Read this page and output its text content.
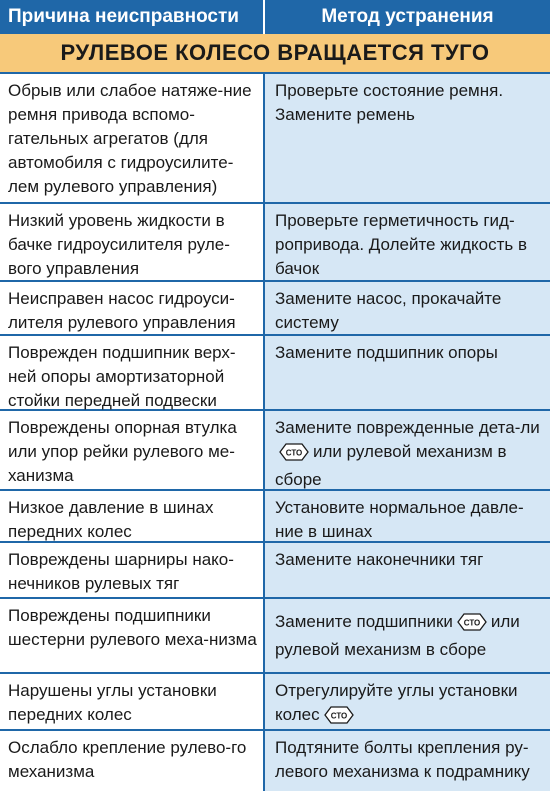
Причина неисправности	Метод устранения
РУЛЕВОЕ КОЛЕСО ВРАЩАЕТСЯ ТУГО
Обрыв или слабое натяже-ние ремня привода вспомо-гательных агрегатов (для автомобиля с гидроусилите-лем рулевого управления)
Проверьте состояние ремня. Замените ремень
Низкий уровень жидкости в бачке гидроусилителя руле-вого управления
Проверьте герметичность гид-ропривода. Долейте жидкость в бачок
Неисправен насос гидроуси-лителя рулевого управления
Замените насос, прокачайте систему
Поврежден подшипник верх-ней опоры амортизаторной стойки передней подвески
Замените подшипник опоры
Повреждены опорная втулка или упор рейки рулевого ме-ханизма
Замените поврежденные дета-ли
СТО или рулевой механизм в сборе
Низкое давление в шинах передних колес
Установите нормальное давле-ние в шинах
Повреждены шарниры нако-нечников рулевых тяг
Замените наконечники тяг
Повреждены подшипники шестерни рулевого меха-низма
Замените подшипники СТО или рулевой механизм в сборе
Нарушены углы установки передних колес
Отрегулируйте углы установки колес СТО
Ослабло крепление рулево-го механизма
Подтяните болты крепления ру-левого механизма к подрамнику
